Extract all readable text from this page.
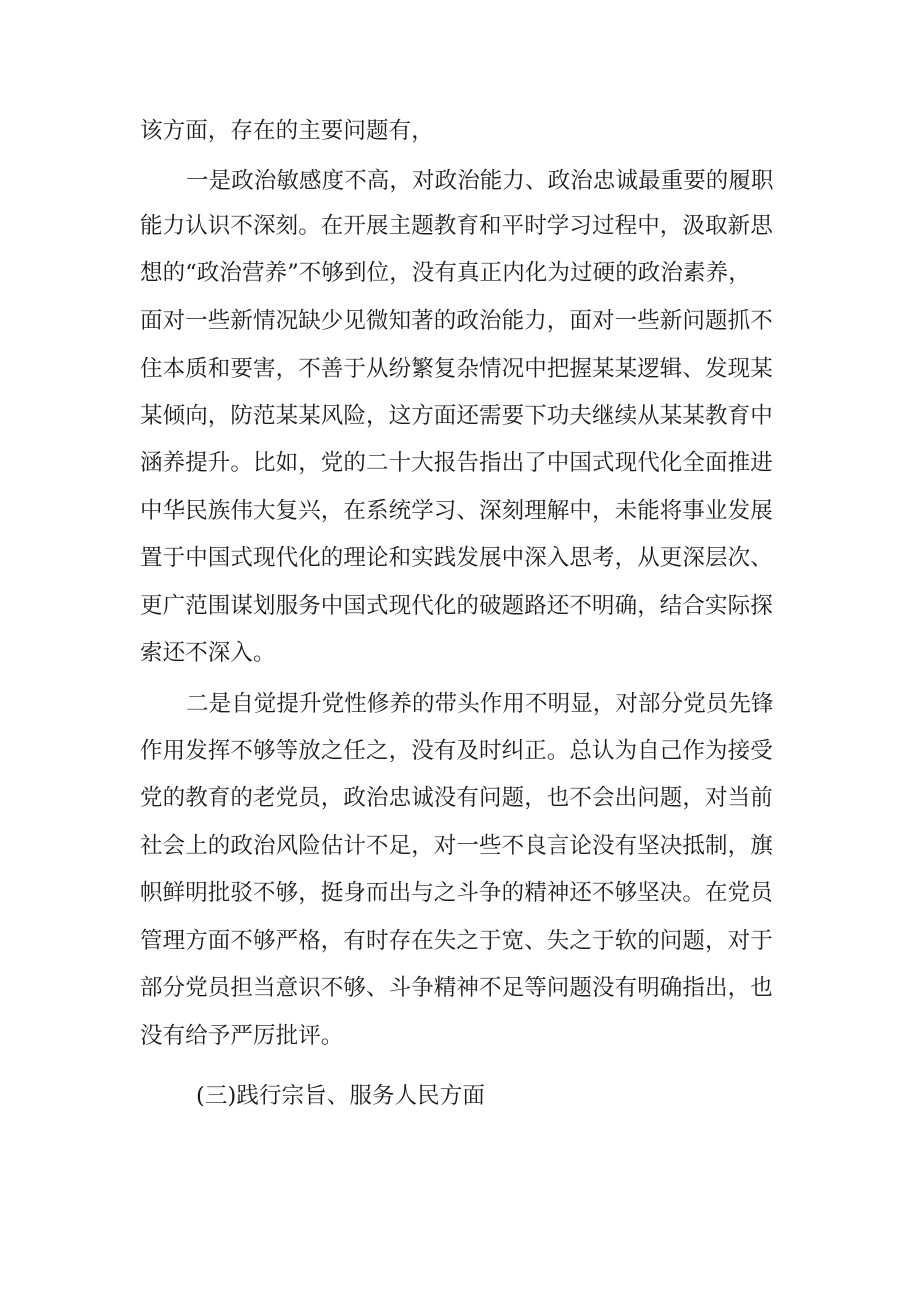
该方面，存在的主要问题有，
一是政治敏感度不高，对政治能力、政治忠诚最重要的履职
能力认识不深刻。在开展主题教育和平时学习过程中，汲取新思
想的“政治营养”不够到位，没有真正内化为过硬的政治素养，
面对一些新情况缺少见微知著的政治能力，面对一些新问题抓不
住本质和要害，不善于从纷繁复杂情况中把握某某逻辑、发现某
某倾向，防范某某风险，这方面还需要下功夫继续从某某教育中
涵养提升。比如，党的二十大报告指出了中国式现代化全面推进
中华民族伟大复兴，在系统学习、深刻理解中，未能将事业发展
置于中国式现代化的理论和实践发展中深入思考，从更深层次、
更广范围谋划服务中国式现代化的破题路还不明确，结合实际探
索还不深入。
二是自觉提升党性修养的带头作用不明显，对部分党员先锋
作用发挥不够等放之任之，没有及时纠正。总认为自己作为接受
党的教育的老党员，政治忠诚没有问题，也不会出问题，对当前
社会上的政治风险估计不足，对一些不良言论没有坚决抵制，旗
帜鲜明批驳不够，挺身而出与之斗争的精神还不够坚决。在党员
管理方面不够严格，有时存在失之于宽、失之于软的问题，对于
部分党员担当意识不够、斗争精神不足等问题没有明确指出，也
没有给予严厉批评。
(三)践行宗旨、服务人民方面
